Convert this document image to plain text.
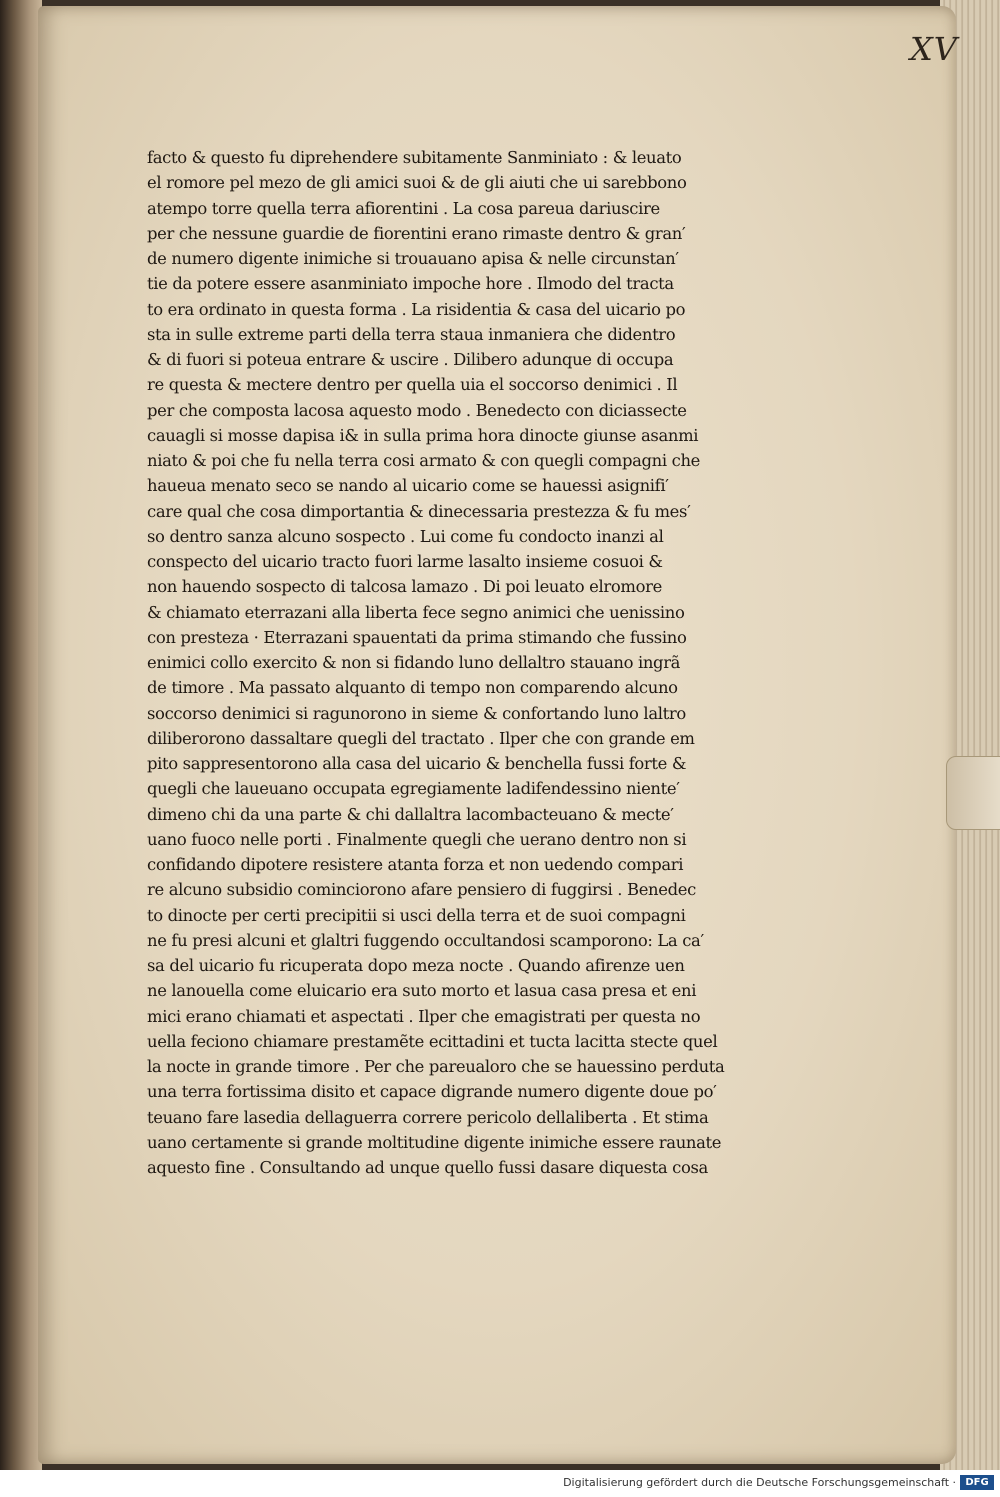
XV
facto & questo fu diprehendere subitamente Sanminiato : & leuato
el romore pel mezo de gli amici suoi & de gli aiuti che ui sarebbono
atempo torre quella terra afiorentini . La cosa pareua dariuscire
per che nessune guardie de fiorentini erano rimaste dentro & gran′
de numero digente inimiche si trouauano apisa & nelle circunstan′
tie da potere essere asanminiato impoche hore . Ilmodo del tracta
to era ordinato in questa forma . La risidentia & casa del uicario po
sta in sulle extreme parti della terra staua inmaniera che didentro
& di fuori si poteua entrare & uscire . Dilibero adunque di occupa
re questa & mectere dentro per quella uia el soccorso denimici . Il
per che composta lacosa aquesto modo . Benedecto con diciassecte
cauagli si mosse dapisa i& in sulla prima hora dinocte giunse asanmi
niato & poi che fu nella terra cosi armato & con quegli compagni che
haueua menato seco se nando al uicario come se hauessi asignifi′
care qual che cosa dimportantia & dinecessaria prestezza & fu mes′
so dentro sanza alcuno sospecto . Lui come fu condocto inanzi al
conspecto del uicario tracto fuori larme lasalto insieme cosuoi &
non hauendo sospecto di talcosa lamazo . Di poi leuato elromore
& chiamato eterrazani alla liberta fece segno animici che uenissino
con presteza · Eterrazani spauentati da prima stimando che fussino
enimici collo exercito & non si fidando luno dellaltro stauano ingrã
de timore . Ma passato alquanto di tempo non comparendo alcuno
soccorso denimici si ragunorono in sieme & confortando luno laltro
diliberorono dassaltare quegli del tractato . Ilper che con grande em
pito sappresentorono alla casa del uicario & benchella fussi forte &
quegli che laueuano occupata egregiamente ladifendessino niente′
dimeno chi da una parte & chi dallaltra lacombacteuano & mecte′
uano fuoco nelle porti . Finalmente quegli che uerano dentro non si
confidando dipotere resistere atanta forza et non uedendo compari
re alcuno subsidio cominciorono afare pensiero di fuggirsi . Benedec
to dinocte per certi precipitii si usci della terra et de suoi compagni
ne fu presi alcuni et glaltri fuggendo occultandosi scamporono: La ca′
sa del uicario fu ricuperata dopo meza nocte . Quando afirenze uen
ne lanouella come eluicario era suto morto et lasua casa presa et eni
mici erano chiamati et aspectati . Ilper che emagistrati per questa no
uella feciono chiamare prestamẽte ecittadini et tucta lacitta stecte quel
la nocte in grande timore . Per che pareualoro che se hauessino perduta
una terra fortissima disito et capace digrande numero digente doue po′
teuano fare lasedia dellaguerra correre pericolo dellaliberta . Et stima
uano certamente si grande moltitudine digente inimiche essere raunate
aquesto fine . Consultando ad unque quello fussi dasare diquesta cosa
Digitalisierung gefördert durch die Deutsche Forschungsgemeinschaft · DFG
